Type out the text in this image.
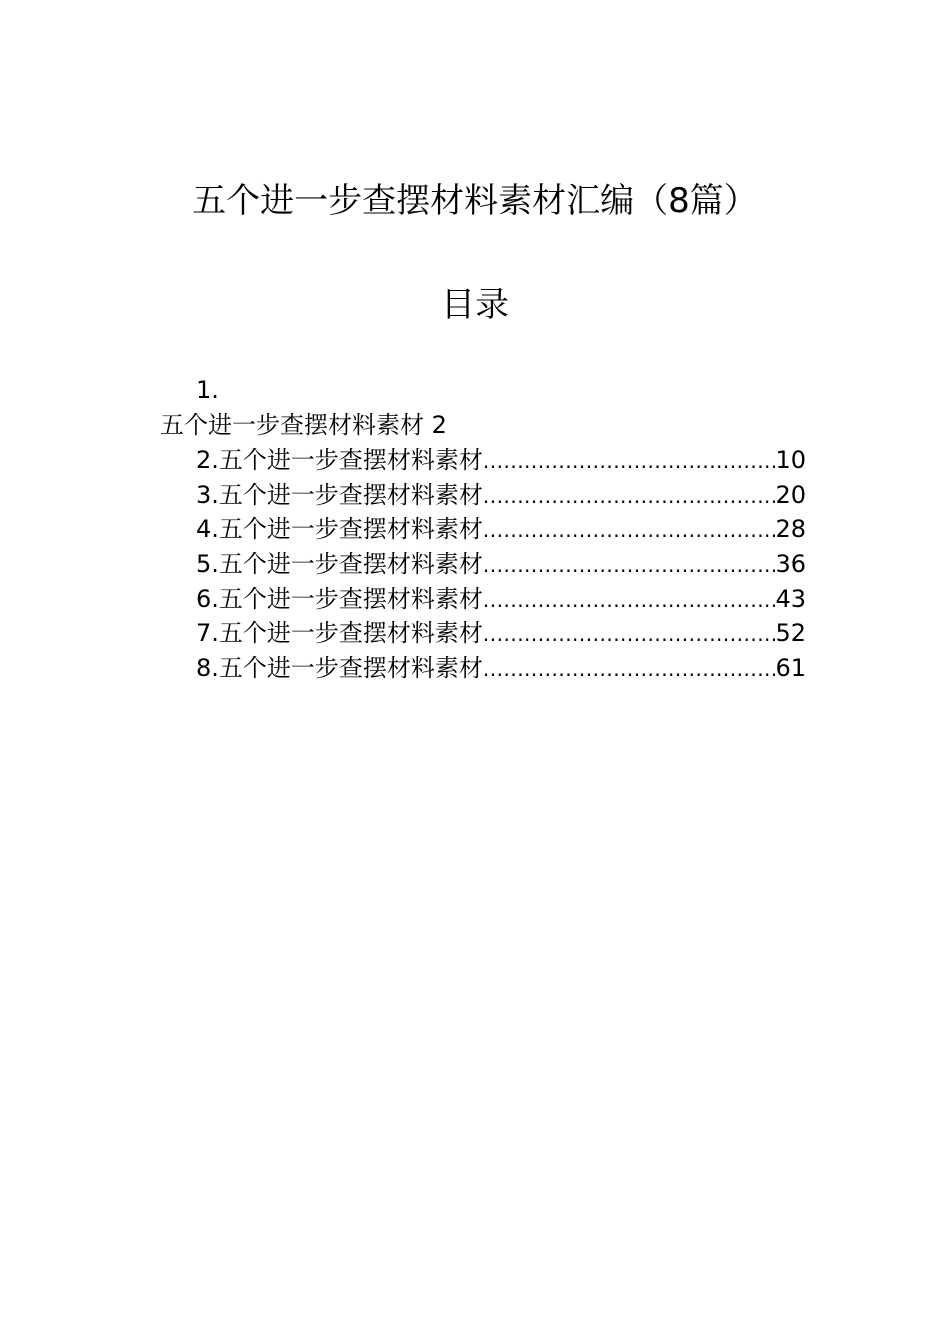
五个进一步查摆材料素材汇编（8篇）
目录
1.
五个进一步查摆材料素材 2
2.五个进一步查摆材料素材 .....	10
3.五个进一步查摆材料素材 .....	20
4.五个进一步查摆材料素材 .....	28
5.五个进一步查摆材料素材 .....	36
6.五个进一步查摆材料素材 .....	43
7.五个进一步查摆材料素材 .....	52
8.五个进一步查摆材料素材 .....	61
